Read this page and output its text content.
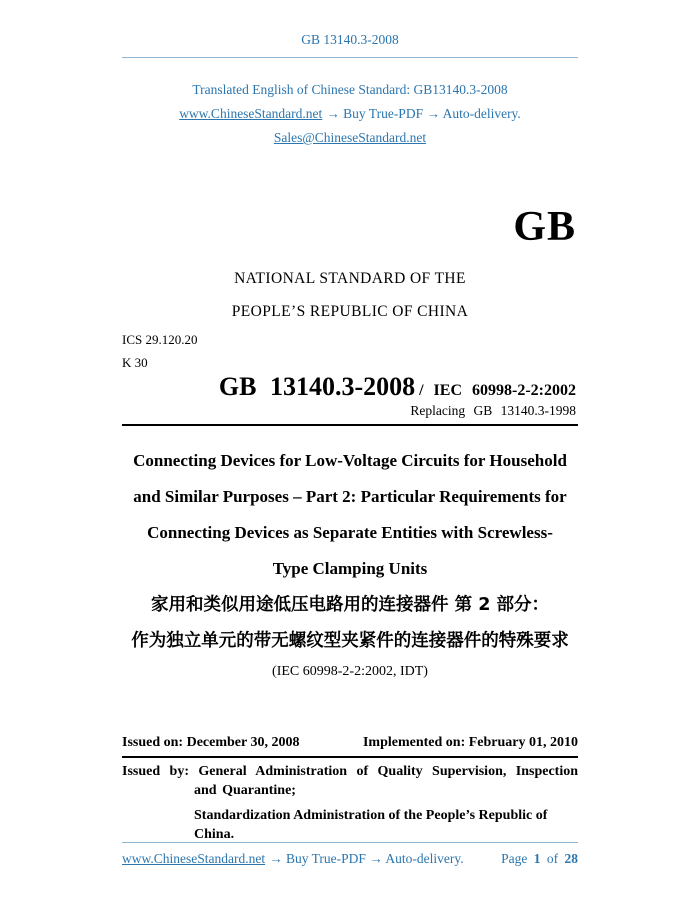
GB 13140.3-2008
Translated English of Chinese Standard: GB13140.3-2008
www.ChineseStandard.net → Buy True-PDF → Auto-delivery.
Sales@ChineseStandard.net
GB
NATIONAL STANDARD OF THE
PEOPLE’S REPUBLIC OF CHINA
ICS 29.120.20
K 30
GB 13140.3-2008 / IEC 60998-2-2:2002
Replacing GB 13140.3-1998
Connecting Devices for Low-Voltage Circuits for Household
and Similar Purposes – Part 2: Particular Requirements for
Connecting Devices as Separate Entities with Screwless-
Type Clamping Units
家用和类似用途低压电路用的连接器件 第 2 部分：
作为独立单元的带无螺纹型夹紧件的连接器件的特殊要求
(IEC 60998-2-2:2002, IDT)
Issued on: December 30, 2008	Implemented on: February 01, 2010

Issued by: General Administration of Quality Supervision, Inspection and Quarantine;

Standardization Administration of the People’s Republic of China.
www.ChineseStandard.net → Buy True-PDF → Auto-delivery.	Page 1 of 28
